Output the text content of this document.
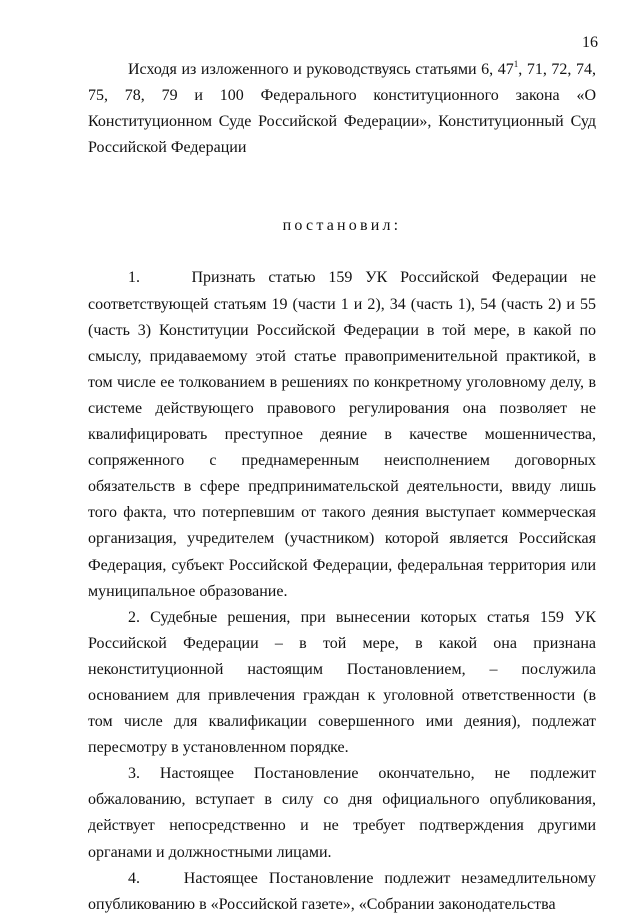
16

Исходя из изложенного и руководствуясь статьями 6, $47^1$, 71, 72, 74, 75, 78, 79 и 100 Федерального конституционного закона «О Конституционном Суде Российской Федерации», Конституционный Суд Российской Федерации

постановил:

1.    Признать статью 159 УК Российской Федерации не соответствующей статьям 19 (части 1 и 2), 34 (часть 1), 54 (часть 2) и 55 (часть 3) Конституции Российской Федерации в той мере, в какой по смыслу, придаваемому этой статье правоприменительной практикой, в том числе ее толкованием в решениях по конкретному уголовному делу, в системе действующего правового регулирования она позволяет не квалифицировать преступное деяние в качестве мошенничества, сопряженного с преднамеренным неисполнением договорных обязательств в сфере предпринимательской деятельности, ввиду лишь того факта, что потерпевшим от такого деяния выступает коммерческая организация, учредителем (участником) которой является Российская Федерация, субъект Российской Федерации, федеральная территория или муниципальное образование.

2. Судебные решения, при вынесении которых статья 159 УК Российской Федерации – в той мере, в какой она признана неконституционной настоящим Постановлением, – послужила основанием для привлечения граждан к уголовной ответственности (в том числе для квалификации совершенного ими деяния), подлежат пересмотру в установленном порядке.

3. Настоящее Постановление окончательно, не подлежит обжалованию, вступает в силу со дня официального опубликования, действует непосредственно и не требует подтверждения другими органами и должностными лицами.

4.    Настоящее Постановление подлежит незамедлительному опубликованию в «Российской газете», «Собрании законодательства
